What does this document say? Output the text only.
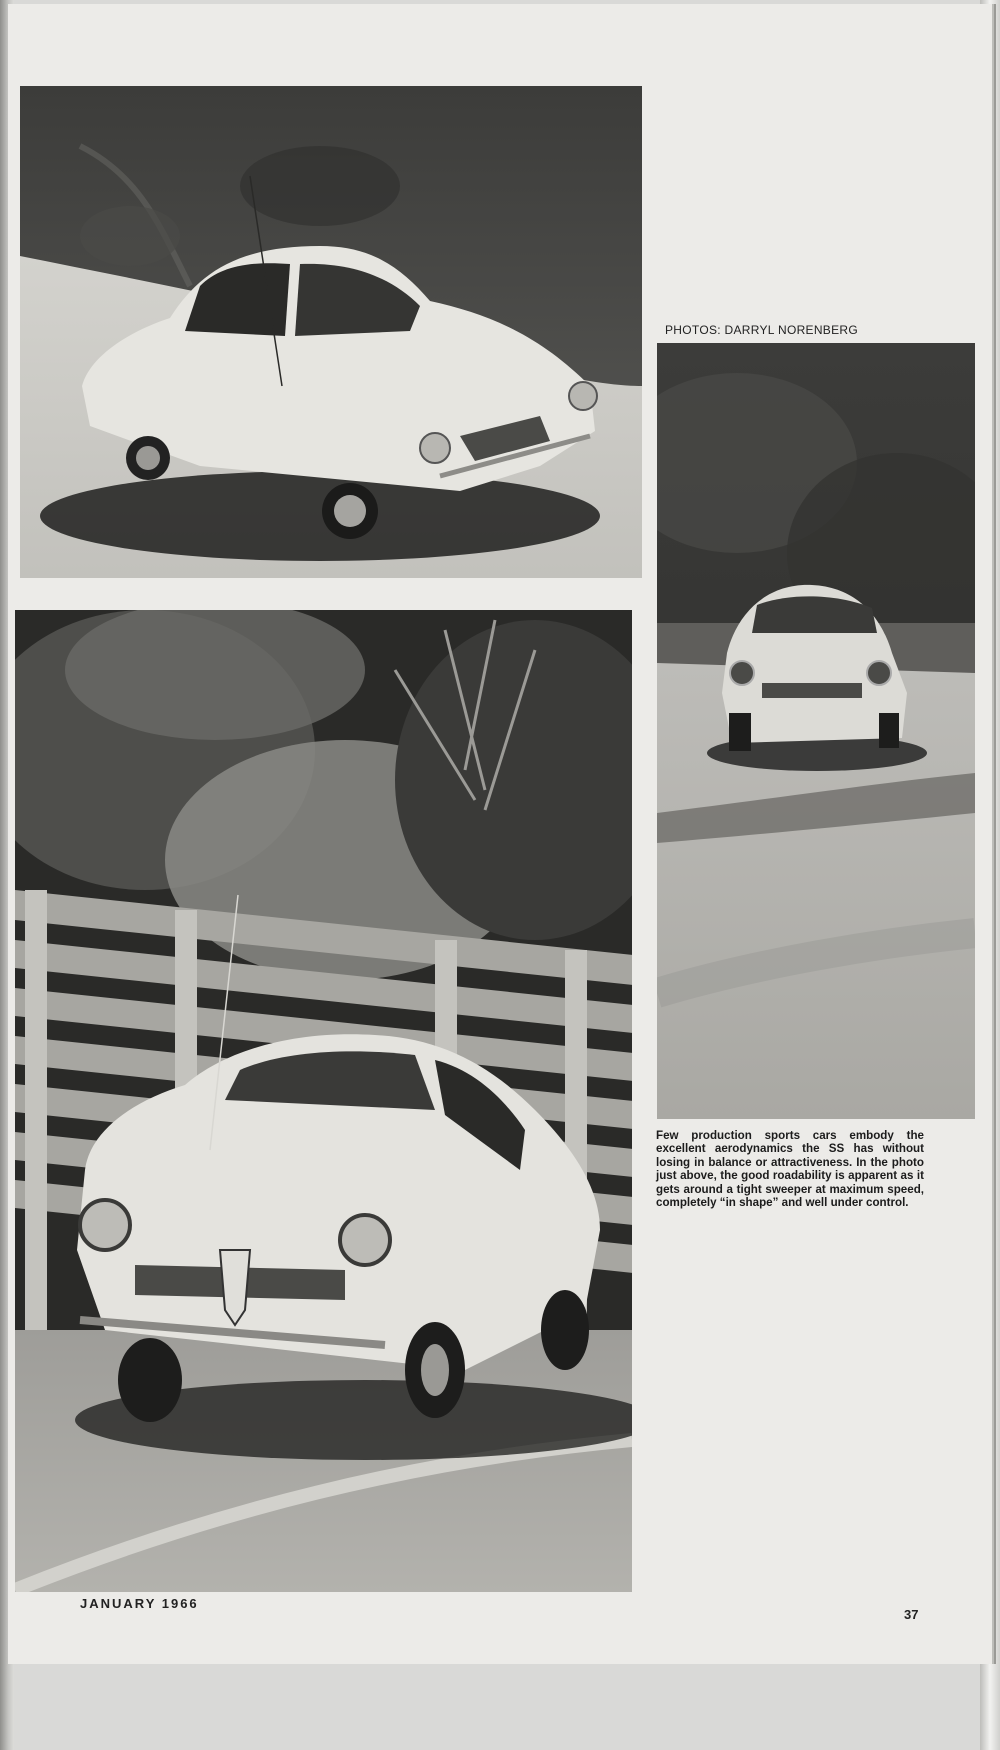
PHOTOS: DARRYL NORENBERG
Few production sports cars embody the excellent aerodynamics the SS has without losing in balance or attractiveness. In the photo just above, the good roadability is apparent as it gets around a tight sweeper at maximum speed, completely “in shape” and well under control.
JANUARY 1966
37
